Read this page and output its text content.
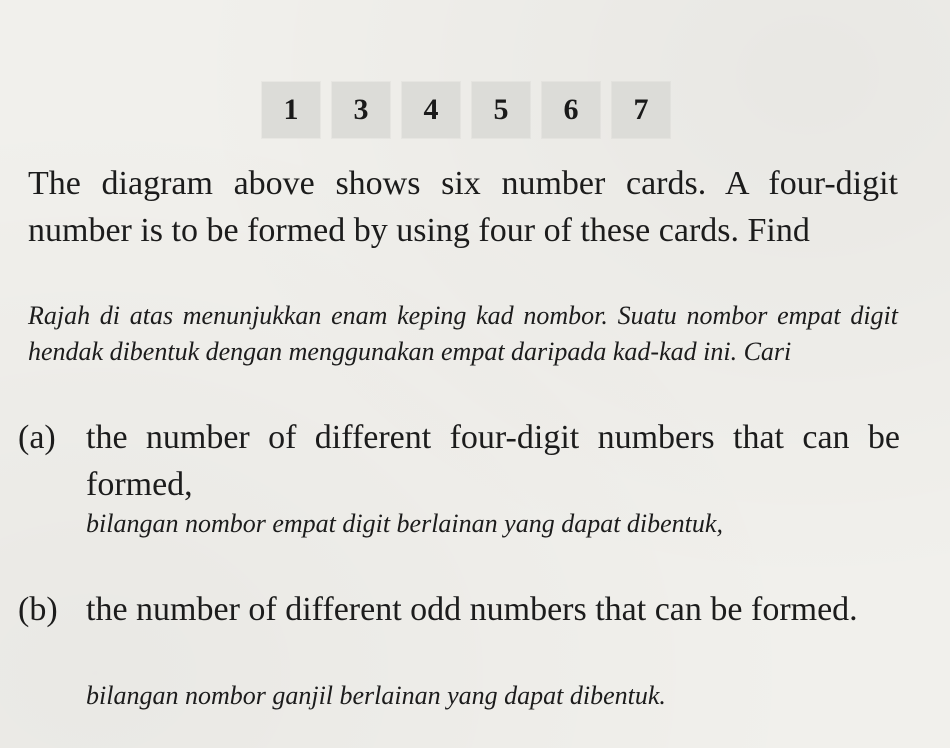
1	3	4	5	6	7

The diagram above shows six number cards. A four-digit number is to be formed by using four of these cards. Find

Rajah di atas menunjukkan enam keping kad nombor. Suatu nombor empat digit hendak dibentuk dengan menggunakan empat daripada kad-kad ini. Cari

(a) the number of different four-digit numbers that can be formed,

bilangan nombor empat digit berlainan yang dapat dibentuk,

(b) the number of different odd numbers that can be formed.

bilangan nombor ganjil berlainan yang dapat dibentuk.
